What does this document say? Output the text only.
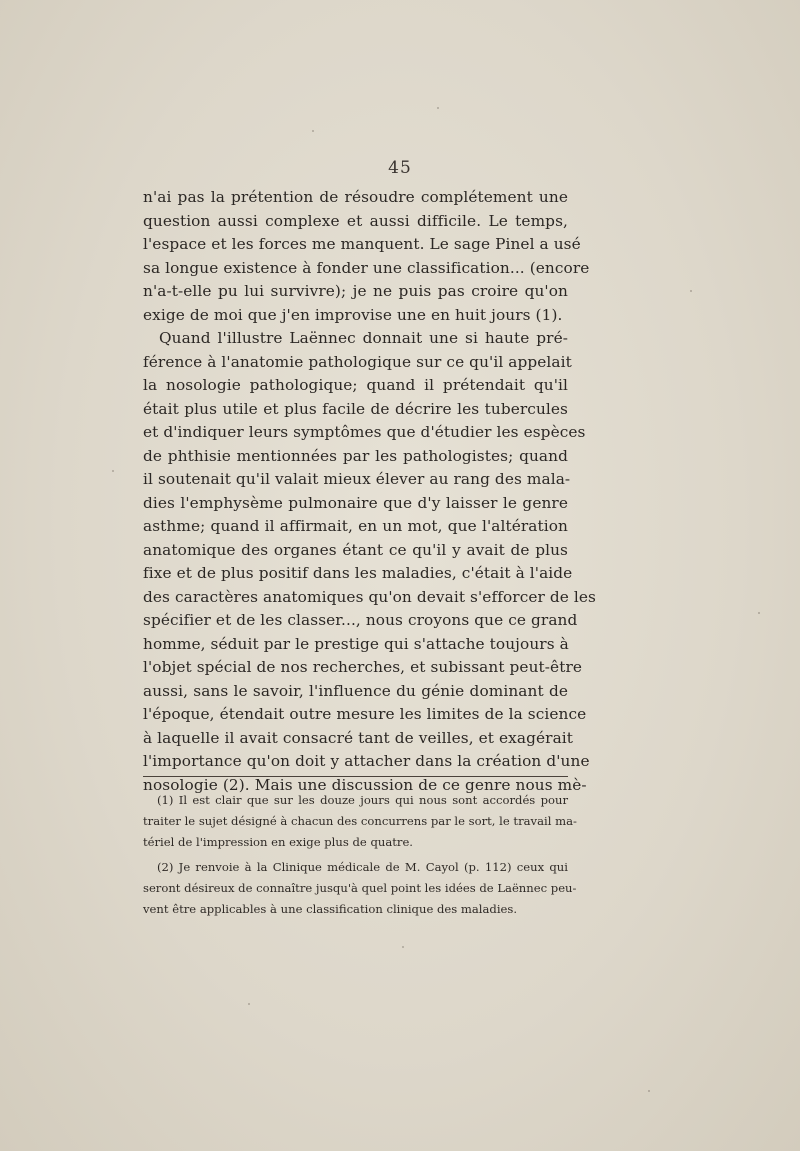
45
n'ai pas la prétention de résoudre complétement une
question aussi complexe et aussi difficile. Le temps,
l'espace et les forces me manquent. Le sage Pinel a usé
sa longue existence à fonder une classification... (encore
n'a-t-elle pu lui survivre); je ne puis pas croire qu'on
exige de moi que j'en improvise une en huit jours (1).
Quand l'illustre Laënnec donnait une si haute pré-
férence à l'anatomie pathologique sur ce qu'il appelait
la nosologie pathologique; quand il prétendait qu'il
était plus utile et plus facile de décrire les tubercules
et d'indiquer leurs symptômes que d'étudier les espèces
de phthisie mentionnées par les pathologistes; quand
il soutenait qu'il valait mieux élever au rang des mala-
dies l'emphysème pulmonaire que d'y laisser le genre
asthme; quand il affirmait, en un mot, que l'altération
anatomique des organes étant ce qu'il y avait de plus
fixe et de plus positif dans les maladies, c'était à l'aide
des caractères anatomiques qu'on devait s'efforcer de les
spécifier et de les classer..., nous croyons que ce grand
homme, séduit par le prestige qui s'attache toujours à
l'objet spécial de nos recherches, et subissant peut-être
aussi, sans le savoir, l'influence du génie dominant de
l'époque, étendait outre mesure les limites de la science
à laquelle il avait consacré tant de veilles, et exagérait
l'importance qu'on doit y attacher dans la création d'une
nosologie (2). Mais une discussion de ce genre nous mè-
(1) Il est clair que sur les douze jours qui nous sont accordés pour
traiter le sujet désigné à chacun des concurrens par le sort, le travail ma-
tériel de l'impression en exige plus de quatre.
(2) Je renvoie à la Clinique médicale de M. Cayol (p. 112) ceux qui
seront désireux de connaître jusqu'à quel point les idées de Laënnec peu-
vent être applicables à une classification clinique des maladies.
